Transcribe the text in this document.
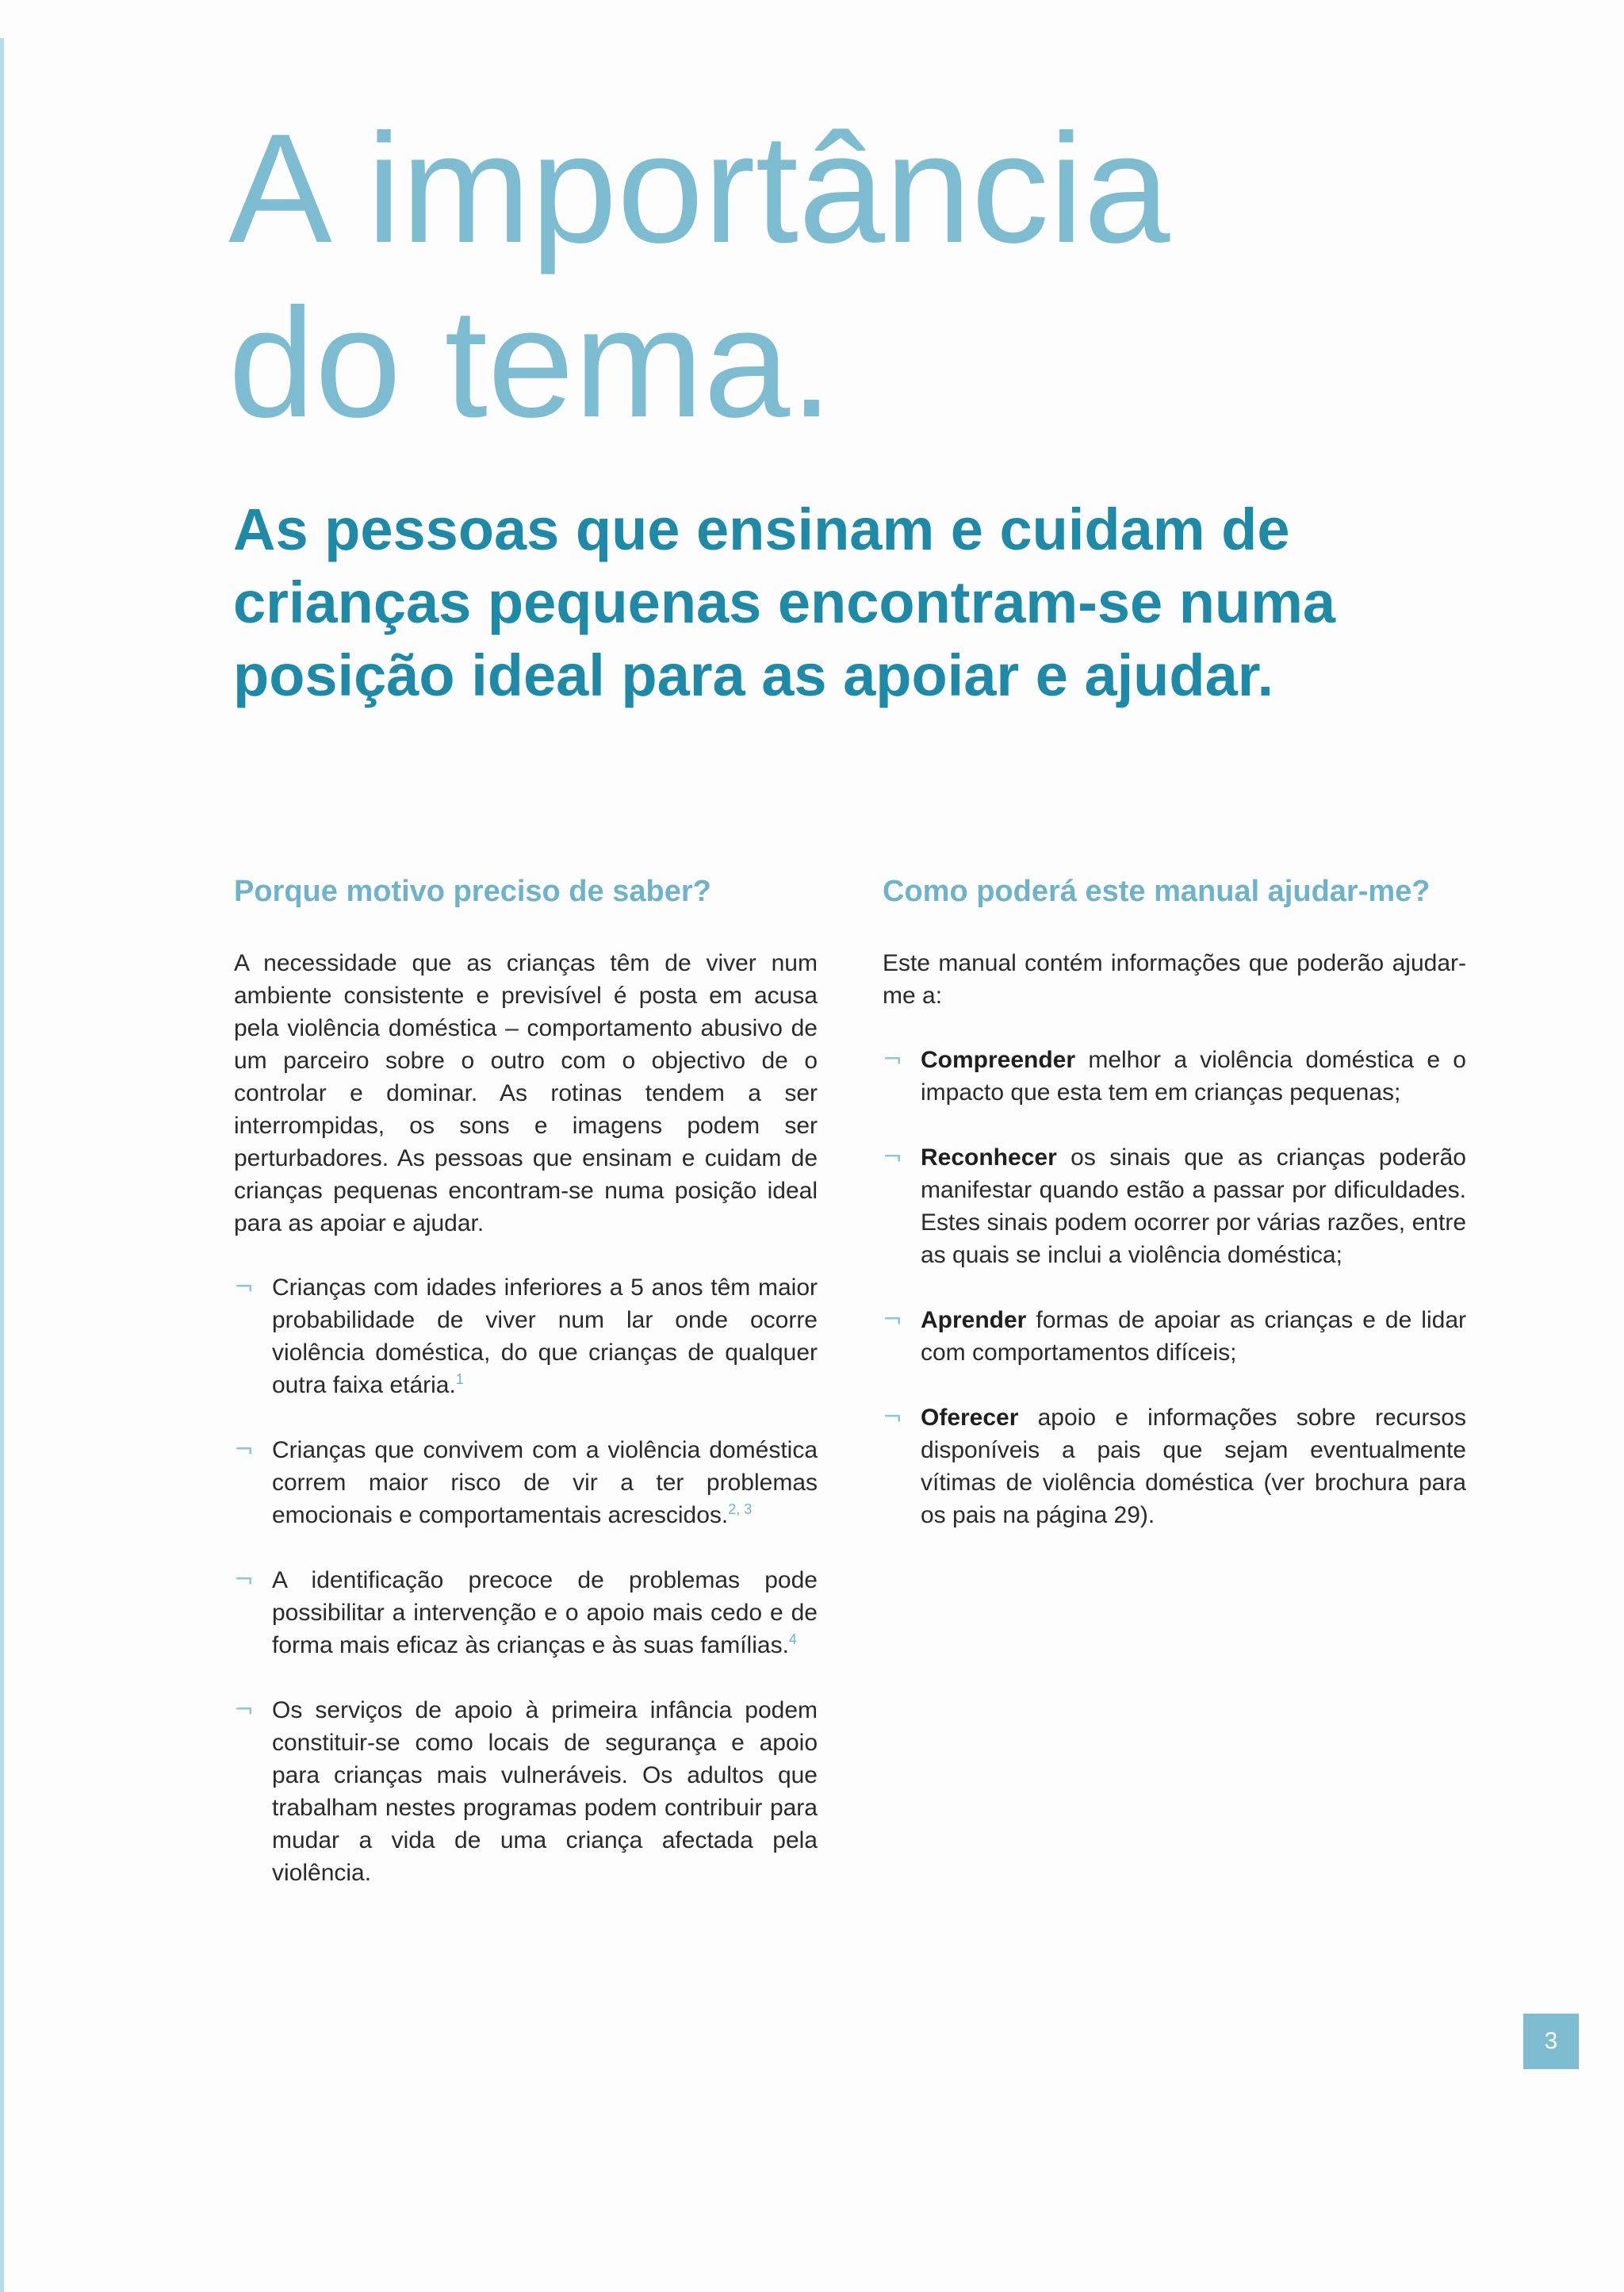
A importância
do tema.
As pessoas que ensinam e cuidam de crianças pequenas encontram-se numa posição ideal para as apoiar e ajudar.
Porque motivo preciso de saber?

A necessidade que as crianças têm de viver num ambiente consistente e previsível é posta em acusa pela violência doméstica – comportamento abusivo de um parceiro sobre o outro com o objectivo de o controlar e dominar. As rotinas tendem a ser interrompidas, os sons e imagens podem ser perturbadores. As pessoas que ensinam e cuidam de crianças pequenas encontram-se numa posição ideal para as apoiar e ajudar.

¬ Crianças com idades inferiores a 5 anos têm maior probabilidade de viver num lar onde ocorre violência doméstica, do que crianças de qualquer outra faixa etária.$^1$
¬ Crianças que convivem com a violência doméstica correm maior risco de vir a ter problemas emocionais e comportamentais acrescidos.$^{2, 3}$
¬ A identificação precoce de problemas pode possibilitar a intervenção e o apoio mais cedo e de forma mais eficaz às crianças e às suas famílias.$^4$
¬ Os serviços de apoio à primeira infância podem constituir-se como locais de segurança e apoio para crianças mais vulneráveis. Os adultos que trabalham nestes programas podem contribuir para mudar a vida de uma criança afectada pela violência.
Como poderá este manual ajudar-me?

Este manual contém informações que poderão ajudar-me a:

¬ Compreender melhor a violência doméstica e o impacto que esta tem em crianças pequenas;
¬ Reconhecer os sinais que as crianças poderão manifestar quando estão a passar por dificuldades. Estes sinais podem ocorrer por várias razões, entre as quais se inclui a violência doméstica;
¬ Aprender formas de apoiar as crianças e de lidar com comportamentos difíceis;
¬ Oferecer apoio e informações sobre recursos disponíveis a pais que sejam eventualmente vítimas de violência doméstica (ver brochura para os pais na página 29).
3
